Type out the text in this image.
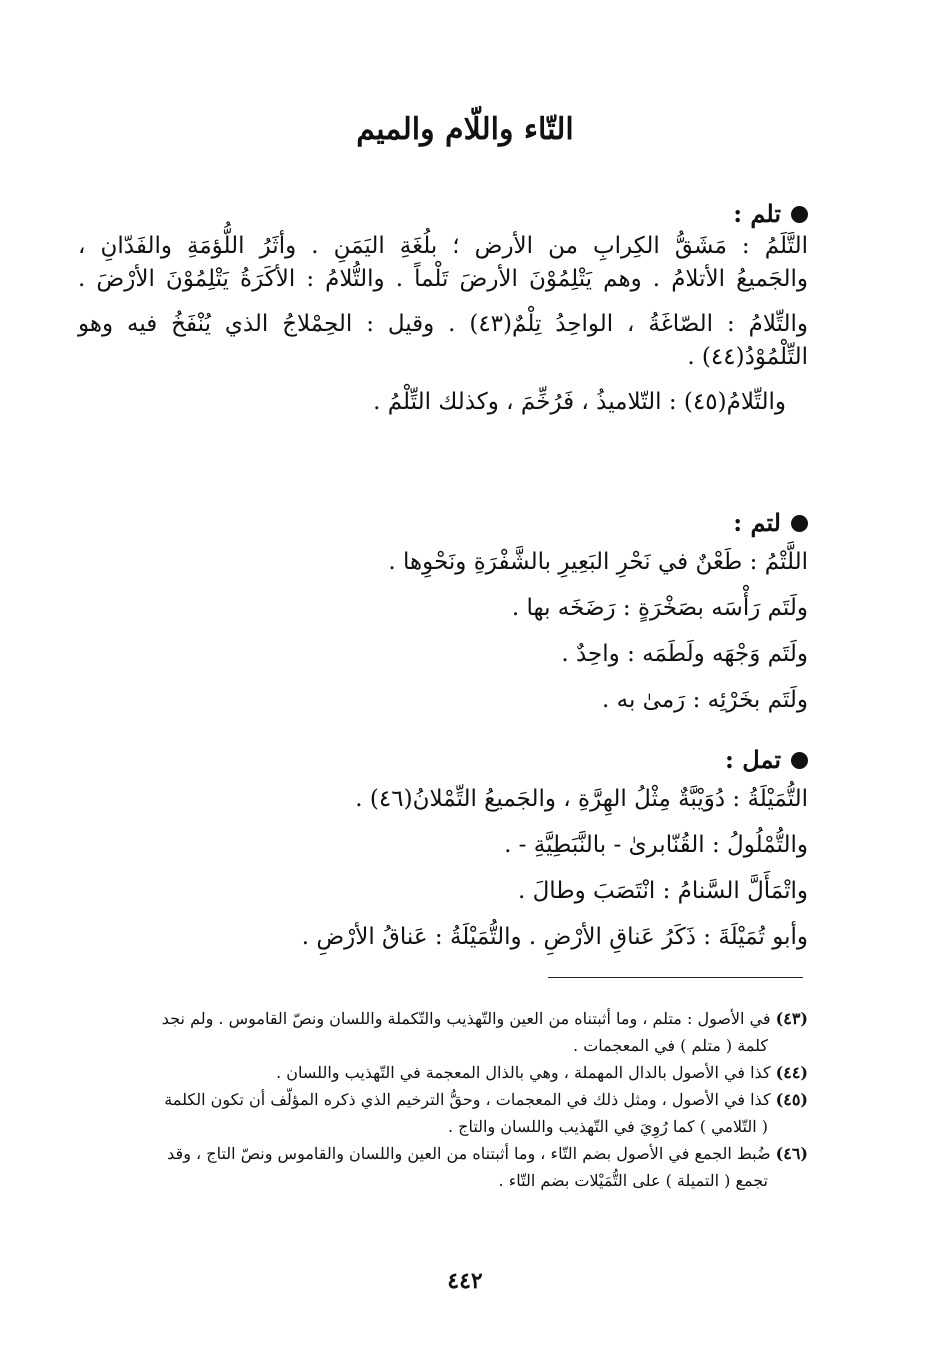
التّاء واللّام والميم
تلم :
التَّلَمُ : مَشَقُّ الكِرابِ من الأرض ؛ بلُغَةِ اليَمَنِ . وأثَرُ اللُّؤمَةِ والفَدّانِ ،
والجَميعُ الأتلامُ . وهم يَتْلِمُوْنَ الأرضَ تَلْماً . والتُّلامُ : الأكَرَةُ يَتْلِمُوْنَ الأرْضَ .
والتِّلامُ : الصّاغَةُ ، الواحِدُ تِلْمٌ(٤٣) . وقيل : الحِمْلاجُ الذي يُنْفَخُ فيه وهو
التِّلْمُوْدُ(٤٤) .
والتِّلامُ(٤٥) : التّلاميذُ ، فَرُخِّمَ ، وكذلك التِّلْمُ .
لتم :
اللَّتْمُ : طَعْنٌ في نَحْرِ البَعِيرِ بالشَّفْرَةِ ونَحْوِها .
ولَتَم رَأْسَه بصَخْرَةٍ : رَضَخَه بها .
ولَتَم وَجْهَه ولَطَمَه : واحِدٌ .
ولَتَم بخَرْئِه : رَمىٰ به .
تمل :
التُّمَيْلَةُ : دُوَيْبَّةٌ مِثْلُ الهِرَّةِ ، والجَميعُ التِّمْلانُ(٤٦) .
والتُّمْلُولُ : القُنّابرىٰ - بالنَّبَطِيَّةِ - .
واتْمَأَلَّ السَّنامُ : انْتَصَبَ وطالَ .
وأبو تُمَيْلَةَ : ذَكَرُ عَناقِ الأرْضِ . والتُّمَيْلَةُ : عَناقُ الأرْضِ .
(٤٣) في الأصول : متلم ، وما أثبتناه من العين والتّهذيب والتّكملة واللسان ونصّ القاموس . ولم نجد
كلمة ( متلم ) في المعجمات .
(٤٤) كذا في الأصول بالدال المهملة ، وهي بالذال المعجمة في التّهذيب واللسان .
(٤٥) كذا في الأصول ، ومثل ذلك في المعجمات ، وحقُّ الترخيم الذي ذكره المؤلّف أن تكون الكلمة
( التّلامي ) كما رُوِيَ في التّهذيب واللسان والتاج .
(٤٦) ضُبط الجمع في الأصول بضم التّاء ، وما أثبتناه من العين واللسان والقاموس ونصّ التاج ، وقد
تجمع ( التميلة ) على التُّمَيْلات بضم التّاء .
٤٤٢
